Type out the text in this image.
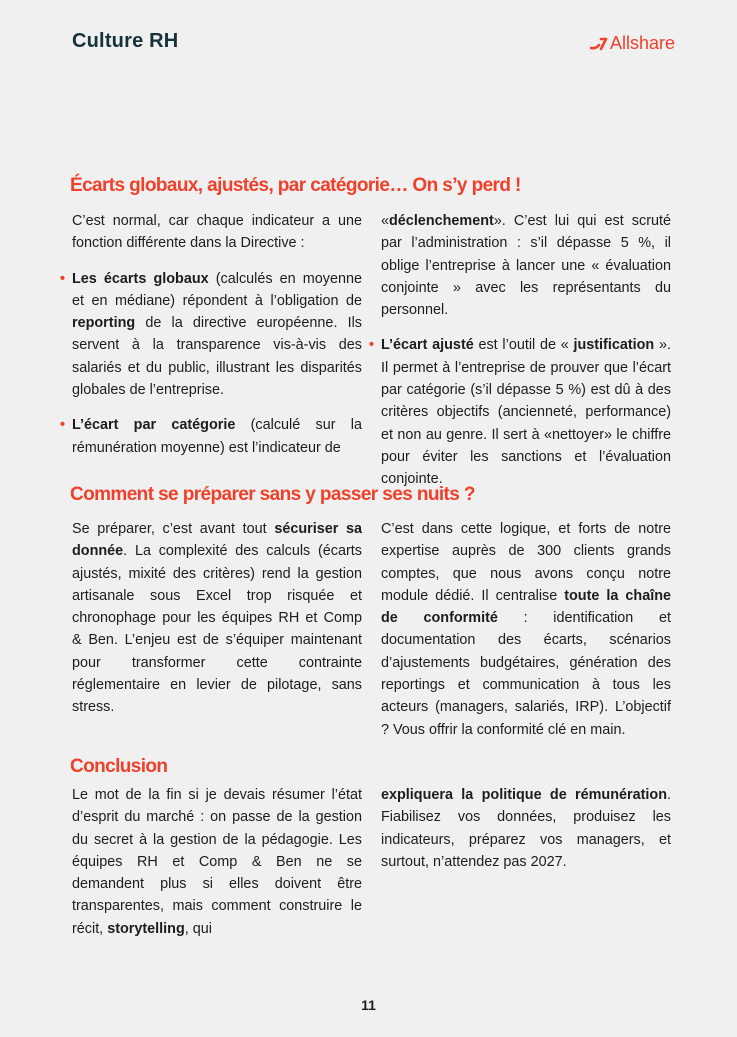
Culture RH	Allshare
Écarts globaux, ajustés, par catégorie… On s’y perd !

C’est normal, car chaque indicateur a une fonction différente dans la Directive :

• Les écarts globaux (calculés en moyenne et en médiane) répondent à l’obligation de reporting de la directive européenne. Ils servent à la transparence vis-à-vis des salariés et du public, illustrant les disparités globales de l’entreprise.

• L’écart par catégorie (calculé sur la rémunération moyenne) est l’indicateur de

«déclenchement». C’est lui qui est scruté par l’administration : s’il dépasse 5 %, il oblige l’entreprise à lancer une « évaluation conjointe » avec les représentants du personnel.

• L’écart ajusté est l’outil de « justification ». Il permet à l’entreprise de prouver que l’écart par catégorie (s’il dépasse 5 %) est dû à des critères objectifs (ancienneté, performance) et non au genre. Il sert à «nettoyer» le chiffre pour éviter les sanctions et l’évaluation conjointe.

Comment se préparer sans y passer ses nuits ?

Se préparer, c’est avant tout sécuriser sa donnée. La complexité des calculs (écarts ajustés, mixité des critères) rend la gestion artisanale sous Excel trop risquée et chronophage pour les équipes RH et Comp & Ben. L’enjeu est de s’équiper maintenant pour transformer cette contrainte réglementaire en levier de pilotage, sans stress.

C’est dans cette logique, et forts de notre expertise auprès de 300 clients grands comptes, que nous avons conçu notre module dédié. Il centralise toute la chaîne de conformité : identification et documentation des écarts, scénarios d’ajustements budgétaires, génération des reportings et communication à tous les acteurs (managers, salariés, IRP). L’objectif ? Vous offrir la conformité clé en main.

Conclusion

Le mot de la fin si je devais résumer l’état d’esprit du marché : on passe de la gestion du secret à la gestion de la pédagogie. Les équipes RH et Comp & Ben ne se demandent plus si elles doivent être transparentes, mais comment construire le récit, storytelling, qui

expliquera la politique de rémunération. Fiabilisez vos données, produisez les indicateurs, préparez vos managers, et surtout, n’attendez pas 2027.

11
